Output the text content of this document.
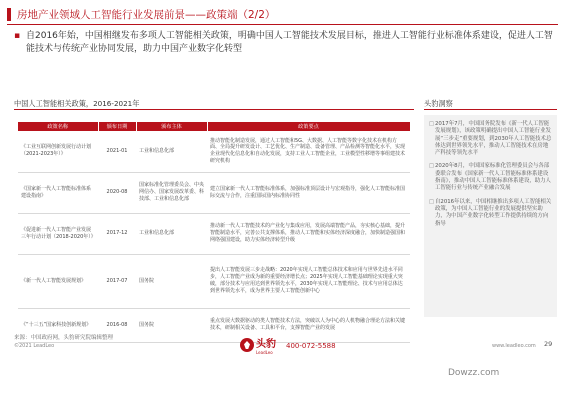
房地产业领域人工智能行业发展前景——政策端（2/2）
▪ 自2016年始，中国相继发布多项人工智能相关政策，明确中国人工智能技术发展目标，推进人工智能行业标准体系建设，促进人工智能技术与传统产业协同发展，助力中国产业数字化转型
中国人工智能相关政策，2016-2021年	头豹洞察
政策名称	颁布日期	颁布主体	政策要点
《工业互联网创新发展行动计划（2021-2023年）》	2021-01	工业和信息化部	推动智能化制造发展，通过人工智能和5G、大数据、人工智能等数字化技术在机构方面、全局提升研发设计、工艺优化、生产制造、设备管理、产品检测等智能化水平，实现企业现代化信息化和自动化发展，支持工业人工智能企业，工业模型性移增等事组建技术研究机构
《国家新一代人工智能标准体系建设指南》	2020-08	国家标准化管理委员会、中央网信办、国家发展改革委、科技部、工业和信息化部	建立国家新一代人工智能标准体系，加强标准顶层设计与宏观指导，强化人工智能标准国际交流与合作，注重国际国内标准协同性
《促进新一代人工智能产业发展三年行动计划（2018-2020年）》	2017-12	工业和信息化部	推动新一代人工智能技术的产业化与集成应用，发展高端智能产品，夯实核心基础，提升智能制造水平，完善公共支撑体系，推动人工智能和实体经济深度融合，加快制造强国和网络强国建设，助力实体经济转型升级
《新一代人工智能发展规划》	2017-07	国务院	提出人工智能发展三步走战略：2020年实现人工智能总体技术和应用与世界先进水平同步，人工智能产业成为新的重要经济增长点；2025年实现人工智能基础理论实现重大突破，部分技术与应用达到世界领先水平，2030年实现人工智能理论、技术与应用总体达到世界领先水平，成为世界主要人工智能创新中心
《“十三五”国家科技创新规划》	2016-08	国务院	重点发展大数据驱动的类人智能技术方法，突破以人为中心的人机物融合理论方法和关键技术，研制相关设备、工具和平台，支撑智能产业的发展
□ 2017年7月，中国国务院发布《新一代人工智能发展规划》，该政策明确提出中国人工智能行业发展“三步走”重要规划，到2030年人工智能技术总体达到世界领先水平，推动人工智能技术在房地产科技等领先水平
□ 2020年8月，中国国家标准化管理委员会与各部委联合发布《国家新一代人工智能标准体系建设指南》，推动中国人工智能标准体系建设，助力人工智能行业与传统产业融合发展
□ 自2016年以来，中国相继推出多项人工智能相关政策，为中国人工智能行业的发展提供坚实助力，为中国产业数字化转型工作提供持续的方向指导
来源：中国政府网，头豹研究院编辑整理
©2021 LeadLeo	头豹
LeadLeo
400-072-5588	www.leadleo.com 29
Dowzz.com
